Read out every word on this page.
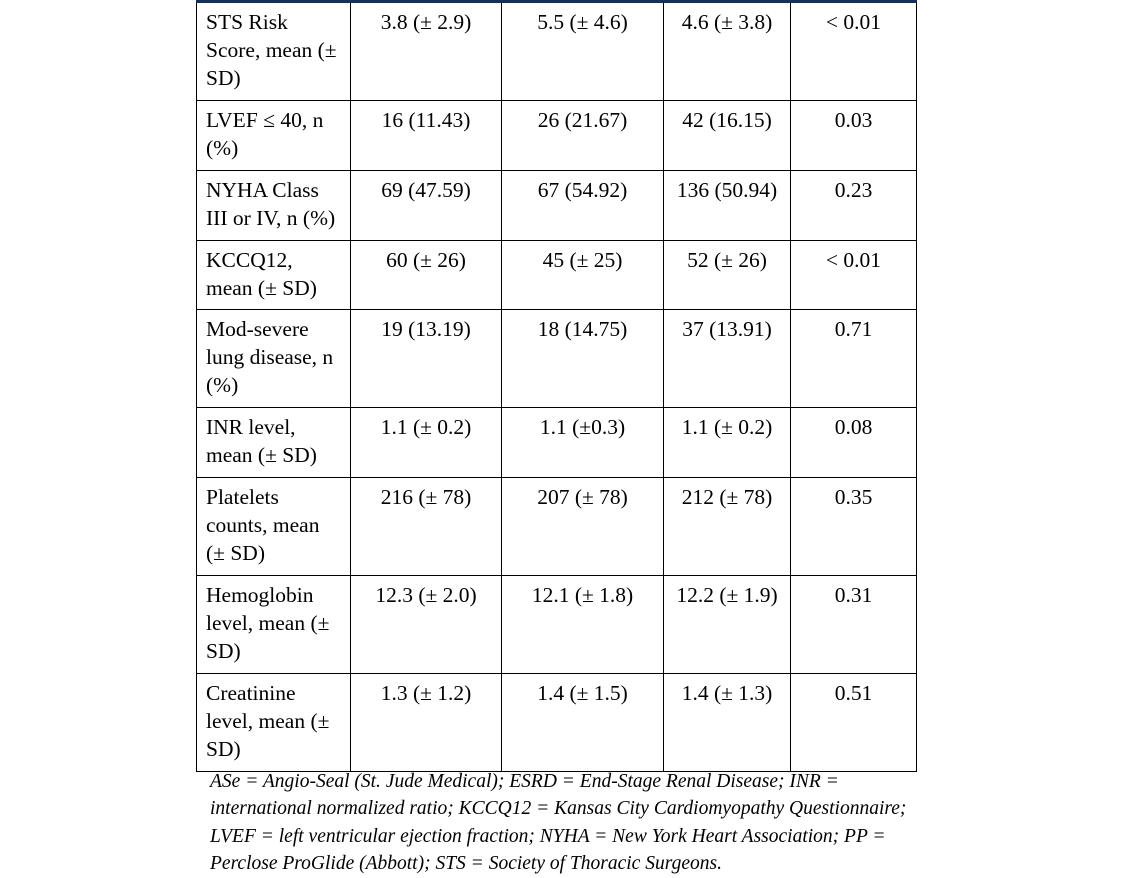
STS Risk Score, mean (± SD)	3.8 (± 2.9)	5.5 (± 4.6)	4.6 (± 3.8)	< 0.01
LVEF ≤ 40, n (%)	16 (11.43)	26 (21.67)	42 (16.15)	0.03
NYHA Class III or IV, n (%)	69 (47.59)	67 (54.92)	136 (50.94)	0.23
KCCQ12, mean (± SD)	60 (± 26)	45 (± 25)	52 (± 26)	< 0.01
Mod-severe lung disease, n (%)	19 (13.19)	18 (14.75)	37 (13.91)	0.71
INR level, mean (± SD)	1.1 (± 0.2)	1.1 (±0.3)	1.1 (± 0.2)	0.08
Platelets counts, mean (± SD)	216 (± 78)	207 (± 78)	212 (± 78)	0.35
Hemoglobin level, mean (± SD)	12.3 (± 2.0)	12.1 (± 1.8)	12.2 (± 1.9)	0.31
Creatinine level, mean (± SD)	1.3 (± 1.2)	1.4 (± 1.5)	1.4 (± 1.3)	0.51

ASe = Angio-Seal (St. Jude Medical); ESRD = End-Stage Renal Disease; INR = international normalized ratio; KCCQ12 = Kansas City Cardiomyopathy Questionnaire; LVEF = left ventricular ejection fraction; NYHA = New York Heart Association; PP = Perclose ProGlide (Abbott); STS = Society of Thoracic Surgeons.
